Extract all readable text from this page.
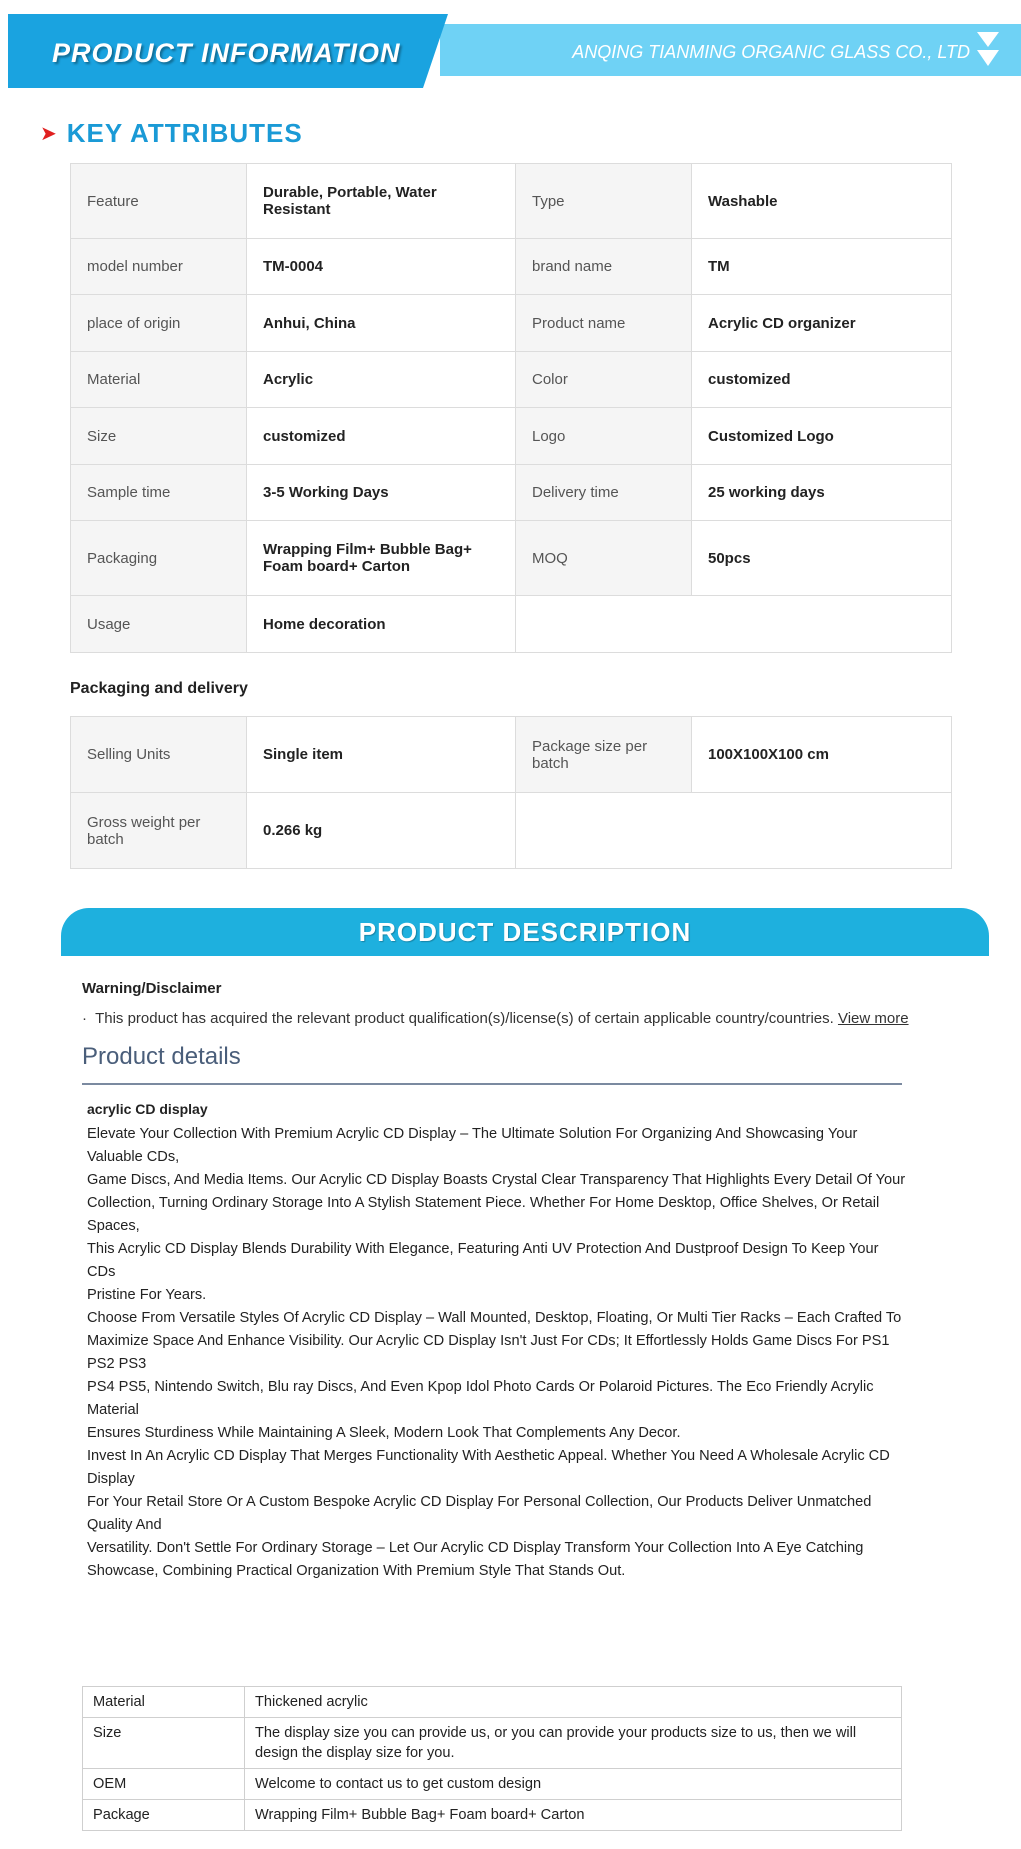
PRODUCT INFORMATION	ANQING TIANMING ORGANIC GLASS CO., LTD
➤ KEY ATTRIBUTES
Feature	Durable, Portable, Water Resistant	Type	Washable
model number	TM-0004	brand name	TM
place of origin	Anhui, China	Product name	Acrylic CD organizer
Material	Acrylic	Color	customized
Size	customized	Logo	Customized Logo
Sample time	3-5 Working Days	Delivery time	25 working days
Packaging	Wrapping Film+ Bubble Bag+ Foam board+ Carton	MOQ	50pcs
Usage	Home decoration		
Packaging and delivery
Selling Units	Single item	Package size per batch	100X100X100 cm
Gross weight per batch	0.266 kg		
PRODUCT DESCRIPTION
Warning/Disclaimer
· This product has acquired the relevant product qualification(s)/license(s) of certain applicable country/countries. View more
Product details
acrylic CD display

Elevate Your Collection With Premium Acrylic CD Display – The Ultimate Solution For Organizing And Showcasing Your Valuable CDs,

Game Discs, And Media Items. Our Acrylic CD Display Boasts Crystal Clear Transparency That Highlights Every Detail Of Your

Collection, Turning Ordinary Storage Into A Stylish Statement Piece. Whether For Home Desktop, Office Shelves, Or Retail Spaces,

This Acrylic CD Display Blends Durability With Elegance, Featuring Anti UV Protection And Dustproof Design To Keep Your CDs

Pristine For Years.

Choose From Versatile Styles Of Acrylic CD Display – Wall Mounted, Desktop, Floating, Or Multi Tier Racks – Each Crafted To

Maximize Space And Enhance Visibility. Our Acrylic CD Display Isn't Just For CDs; It Effortlessly Holds Game Discs For PS1 PS2 PS3

PS4 PS5, Nintendo Switch, Blu ray Discs, And Even Kpop Idol Photo Cards Or Polaroid Pictures. The Eco Friendly Acrylic Material

Ensures Sturdiness While Maintaining A Sleek, Modern Look That Complements Any Decor.

Invest In An Acrylic CD Display That Merges Functionality With Aesthetic Appeal. Whether You Need A Wholesale Acrylic CD Display

For Your Retail Store Or A Custom Bespoke Acrylic CD Display For Personal Collection, Our Products Deliver Unmatched Quality And

Versatility. Don't Settle For Ordinary Storage – Let Our Acrylic CD Display Transform Your Collection Into A Eye Catching Showcase, Combining Practical Organization With Premium Style That Stands Out.

Material	Thickened acrylic
Size	The display size you can provide us, or you can provide your products size to us, then we will design the display size for you.
OEM	Welcome to contact us to get custom design
Package	Wrapping Film+ Bubble Bag+ Foam board+ Carton
